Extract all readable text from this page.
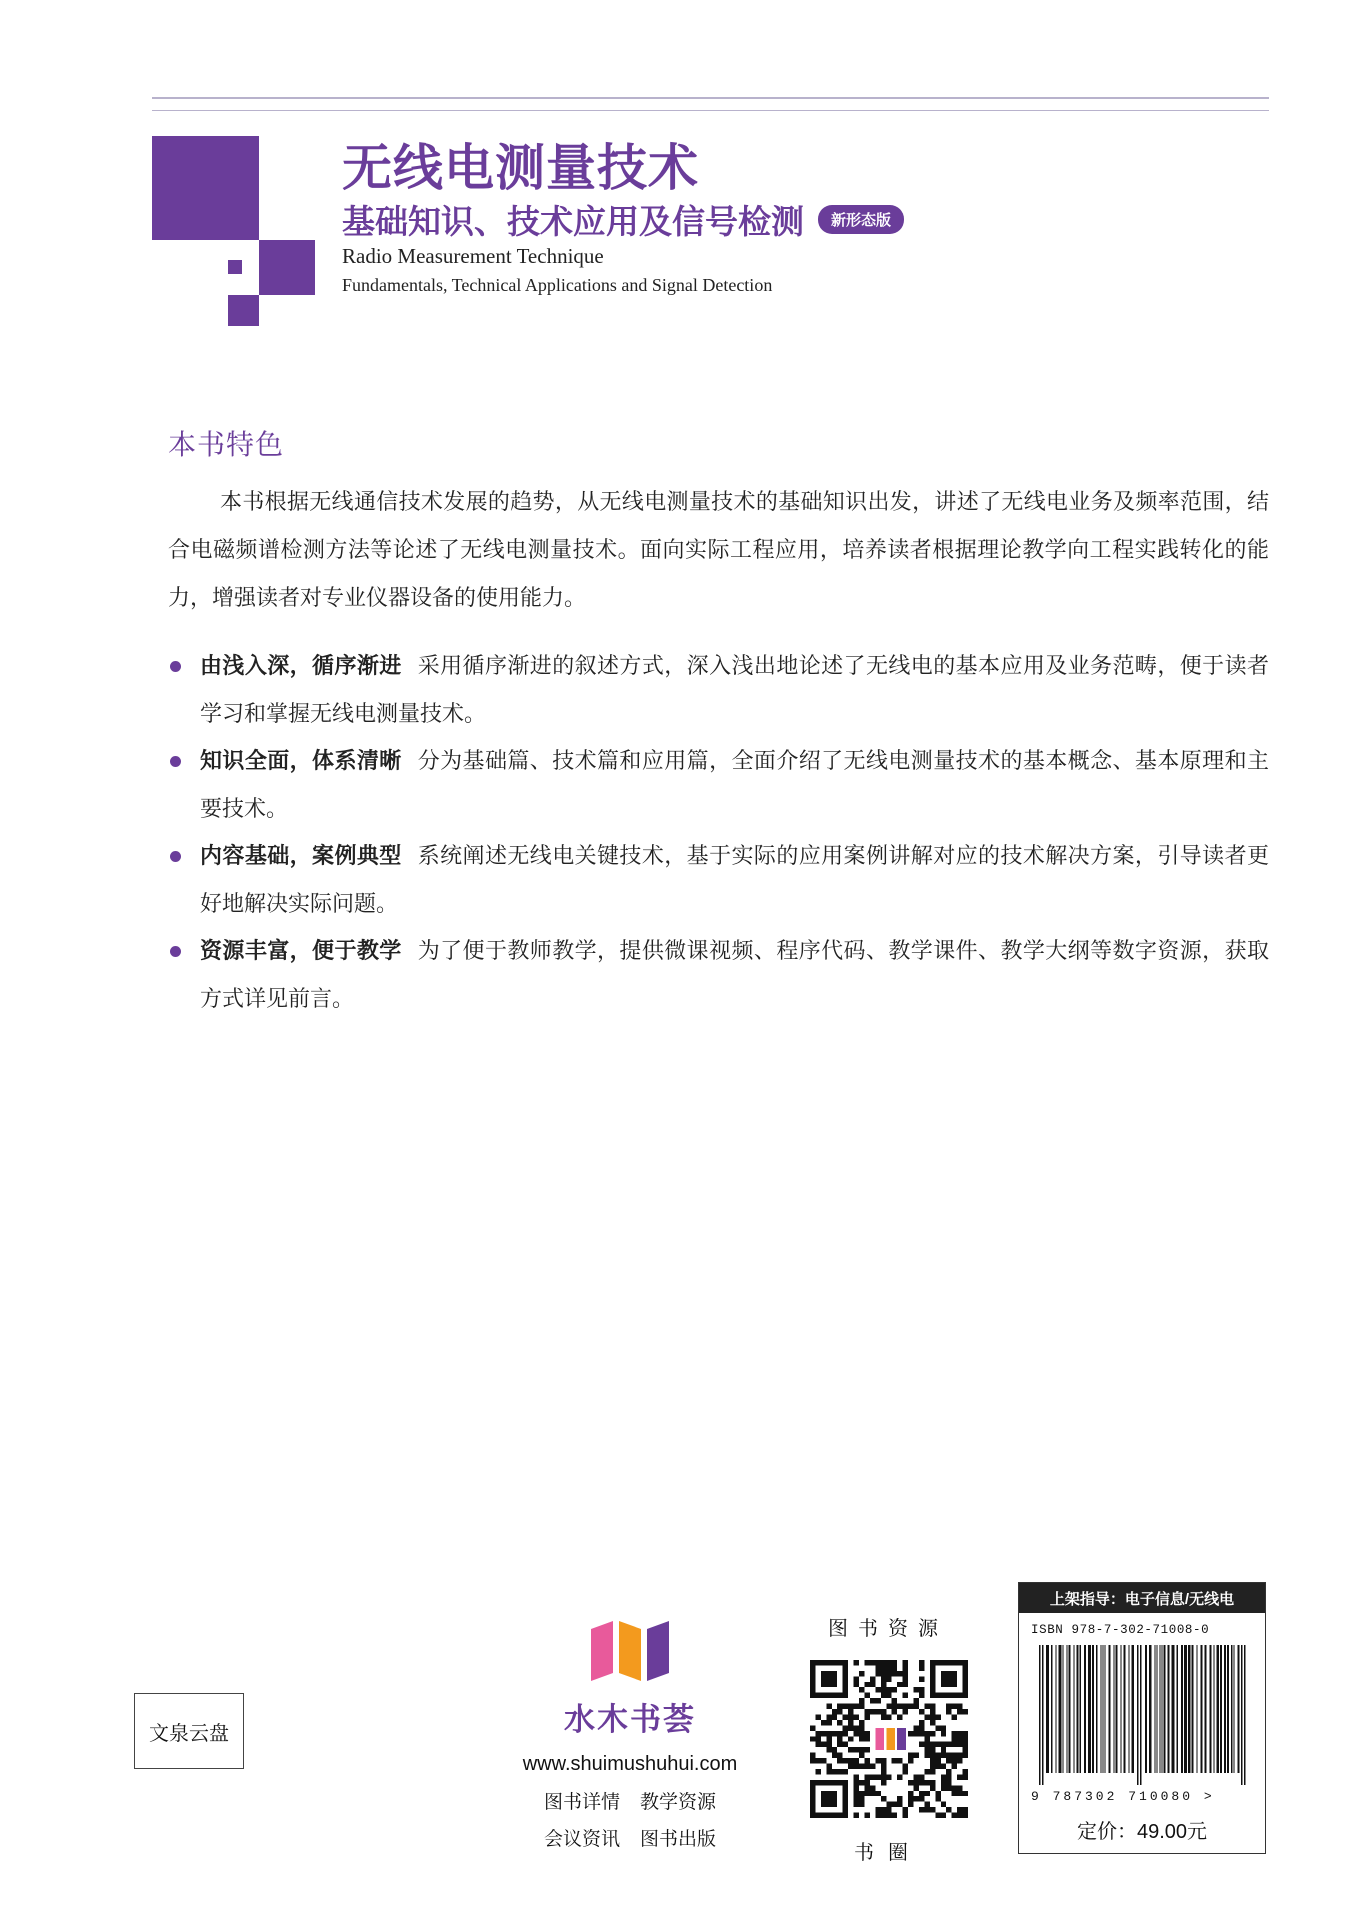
无线电测量技术
基础知识、技术应用及信号检测	新形态版
Radio Measurement Technique
Fundamentals, Technical Applications and Signal Detection
本书特色

本书根据无线通信技术发展的趋势，从无线电测量技术的基础知识出发，讲述了无线电业务及频率范围，结合电磁频谱检测方法等论述了无线电测量技术。面向实际工程应用，培养读者根据理论教学向工程实践转化的能力，增强读者对专业仪器设备的使用能力。

由浅入深，循序渐进 采用循序渐进的叙述方式，深入浅出地论述了无线电的基本应用及业务范畴，便于读者学习和掌握无线电测量技术。
知识全面，体系清晰 分为基础篇、技术篇和应用篇，全面介绍了无线电测量技术的基本概念、基本原理和主要技术。
内容基础，案例典型 系统阐述无线电关键技术，基于实际的应用案例讲解对应的技术解决方案，引导读者更好地解决实际问题。
资源丰富，便于教学 为了便于教师教学，提供微课视频、程序代码、教学课件、教学大纲等数字资源，获取方式详见前言。
文泉云盘	水木书荟
www.shuimushuhui.com
图书详情 教学资源
会议资讯 图书出版
图书资源
书圈
上架指导：电子信息/无线电
ISBN 978-7-302-71008-0
9 787302 710080 >
定价：49.00元
